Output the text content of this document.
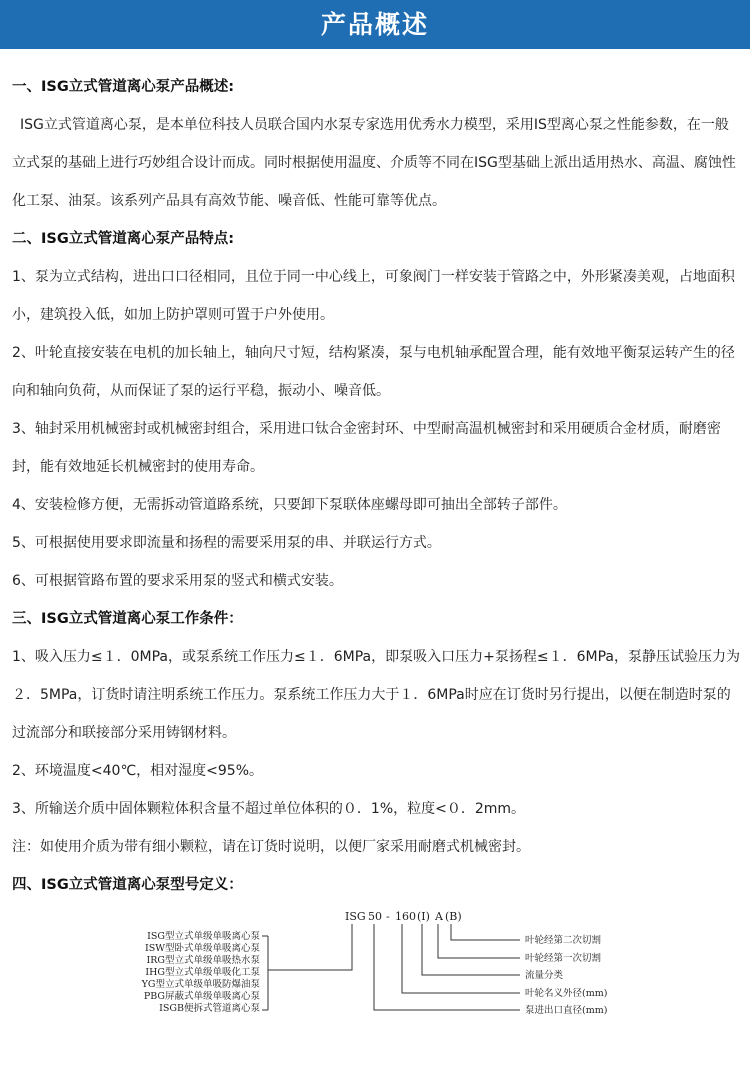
产品概述
一、ISG立式管道离心泵产品概述:

ISG立式管道离心泵，是本单位科技人员联合国内水泵专家选用优秀水力模型，采用IS型离心泵之性能参数，在一般立式泵的基础上进行巧妙组合设计而成。同时根据使用温度、介质等不同在ISG型基础上派出适用热水、高温、腐蚀性化工泵、油泵。该系列产品具有高效节能、噪音低、性能可靠等优点。

二、ISG立式管道离心泵产品特点:

1、泵为立式结构，进出口口径相同，且位于同一中心线上，可象阀门一样安装于管路之中，外形紧凑美观，占地面积小，建筑投入低，如加上防护罩则可置于户外使用。

2、叶轮直接安装在电机的加长轴上，轴向尺寸短，结构紧凑，泵与电机轴承配置合理，能有效地平衡泵运转产生的径向和轴向负荷，从而保证了泵的运行平稳，振动小、噪音低。

3、轴封采用机械密封或机械密封组合，采用进口钛合金密封环、中型耐高温机械密封和采用硬质合金材质，耐磨密封，能有效地延长机械密封的使用寿命。

4、安装检修方便，无需拆动管道路系统，只要卸下泵联体座螺母即可抽出全部转子部件。
5、可根据使用要求即流量和扬程的需要采用泵的串、并联运行方式。
6、可根据管路布置的要求采用泵的竖式和横式安装。
三、ISG立式管道离心泵工作条件：

1、吸入压力≤１．0MPa，或泵系统工作压力≤１．6MPa，即泵吸入口压力+泵扬程≤１．6MPa，泵静压试验压力为２．5MPa，订货时请注明系统工作压力。泵系统工作压力大于１．6MPa时应在订货时另行提出，以便在制造时泵的过流部分和联接部分采用铸钢材料。

2、环境温度<40℃，相对湿度<95%。
3、所输送介质中固体颗粒体积含量不超过单位体积的０．1%，粒度<０．2mm。
注：如使用介质为带有细小颗粒，请在订货时说明，以便厂家采用耐磨式机械密封。
四、ISG立式管道离心泵型号定义：
ISG 50 - 160 (I) A (B)
ISG型立式单级单吸离心泵
ISW型卧式单级单吸离心泵
IRG型立式单级单吸热水泵
IHG型立式单级单吸化工泵
YG型立式单级单吸防爆油泵
PBG屏蔽式单级单吸离心泵
ISGB便拆式管道离心泵
叶轮经第二次切割
叶轮经第一次切割
流量分类
叶轮名义外径(mm)
泵进出口直径(mm)
